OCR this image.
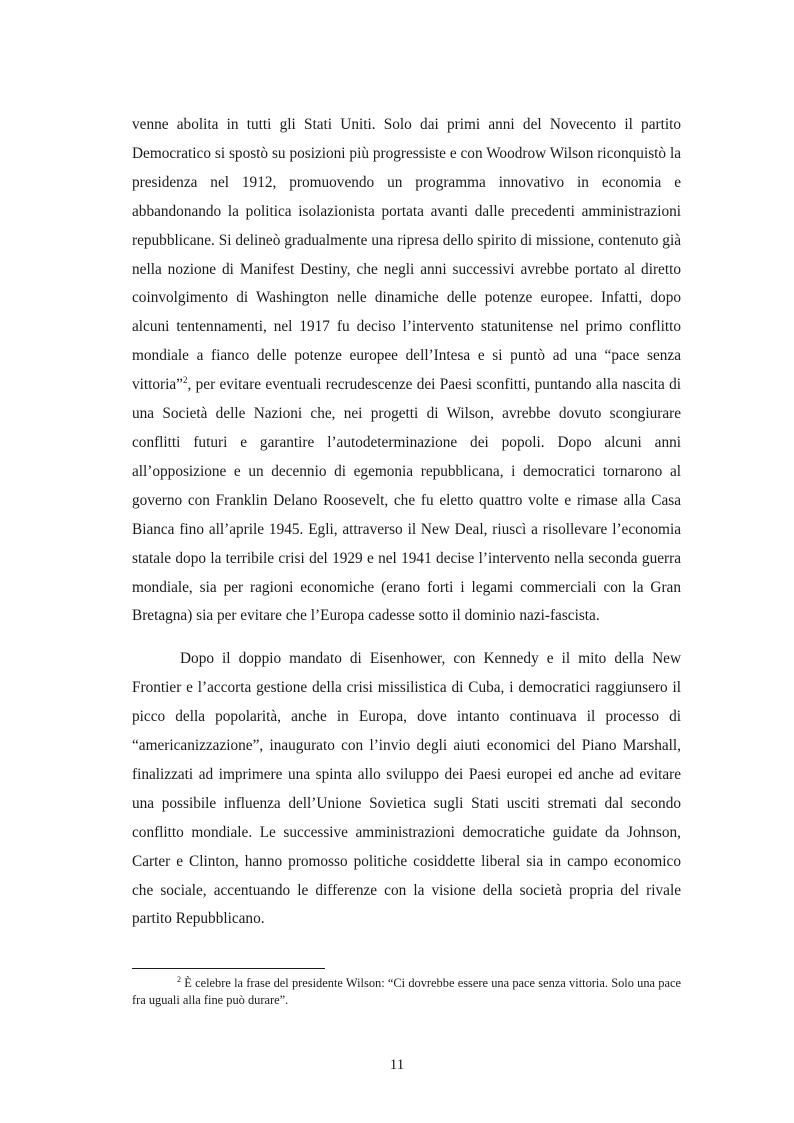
venne abolita in tutti gli Stati Uniti. Solo dai primi anni del Novecento il partito Democratico si spostò su posizioni più progressiste e con Woodrow Wilson riconquistò la presidenza nel 1912, promuovendo un programma innovativo in economia e abbandonando la politica isolazionista portata avanti dalle precedenti amministrazioni repubblicane. Si delineò gradualmente una ripresa dello spirito di missione, contenuto già nella nozione di Manifest Destiny, che negli anni successivi avrebbe portato al diretto coinvolgimento di Washington nelle dinamiche delle potenze europee. Infatti, dopo alcuni tentennamenti, nel 1917 fu deciso l’intervento statunitense nel primo conflitto mondiale a fianco delle potenze europee dell’Intesa e si puntò ad una “pace senza vittoria”$^2$, per evitare eventuali recrudescenze dei Paesi sconfitti, puntando alla nascita di una Società delle Nazioni che, nei progetti di Wilson, avrebbe dovuto scongiurare conflitti futuri e garantire l’autodeterminazione dei popoli. Dopo alcuni anni all’opposizione e un decennio di egemonia repubblicana, i democratici tornarono al governo con Franklin Delano Roosevelt, che fu eletto quattro volte e rimase alla Casa Bianca fino all’aprile 1945. Egli, attraverso il New Deal, riuscì a risollevare l’economia statale dopo la terribile crisi del 1929 e nel 1941 decise l’intervento nella seconda guerra mondiale, sia per ragioni economiche (erano forti i legami commerciali con la Gran Bretagna) sia per evitare che l’Europa cadesse sotto il dominio nazi-fascista.

Dopo il doppio mandato di Eisenhower, con Kennedy e il mito della New Frontier e l’accorta gestione della crisi missilistica di Cuba, i democratici raggiunsero il picco della popolarità, anche in Europa, dove intanto continuava il processo di “americanizzazione”, inaugurato con l’invio degli aiuti economici del Piano Marshall, finalizzati ad imprimere una spinta allo sviluppo dei Paesi europei ed anche ad evitare una possibile influenza dell’Unione Sovietica sugli Stati usciti stremati dal secondo conflitto mondiale. Le successive amministrazioni democratiche guidate da Johnson, Carter e Clinton, hanno promosso politiche cosiddette liberal sia in campo economico che sociale, accentuando le differenze con la visione della società propria del rivale partito Repubblicano.

$^2$ È celebre la frase del presidente Wilson: “Ci dovrebbe essere una pace senza vittoria. Solo una pace fra uguali alla fine può durare”.

11
